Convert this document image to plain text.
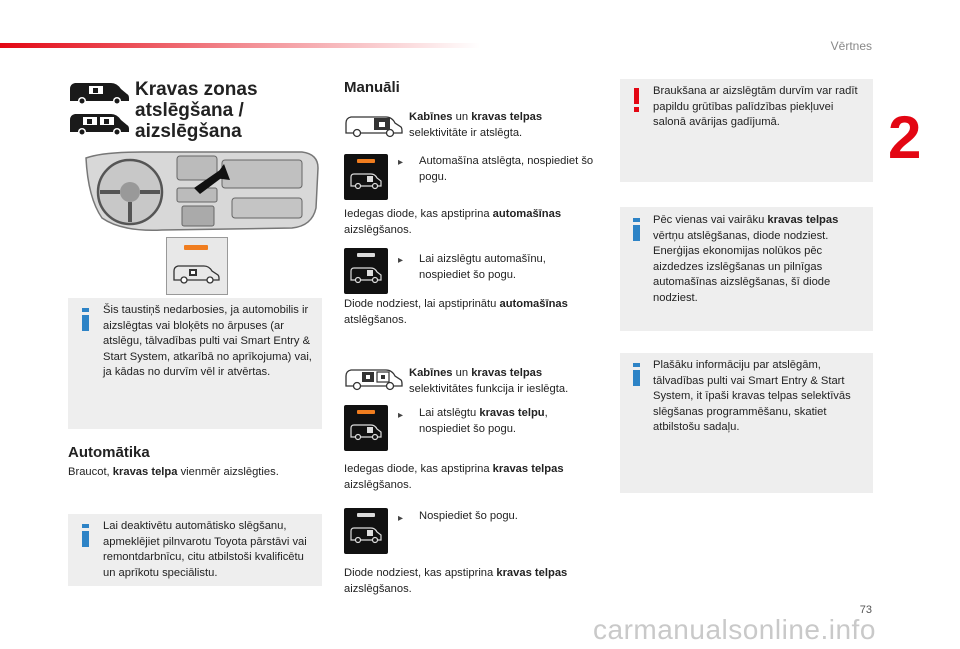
Vērtnes
2
Kravas zonas atslēgšana / aizslēgšana
Šis taustiņš nedarbosies, ja automobilis ir aizslēgtas vai bloķēts no ārpuses (ar atslēgu, tālvadības pulti vai Smart Entry & Start System, atkarībā no aprīkojuma) vai, ja kādas no durvīm vēl ir atvērtas.
Automātika
Braucot, kravas telpa vienmēr aizslēgties.
Lai deaktivētu automātisko slēgšanu, apmeklējiet pilnvarotu Toyota pārstāvi vai remontdarbnīcu, citu atbilstoši kvalificētu un aprīkotu speciālistu.
Manuāli
Kabīnes un kravas telpas
selektivitāte ir atslēgta.
▸ Automašīna atslēgta, nospiediet šo pogu.
Iedegas diode, kas apstiprina automašīnas
aizslēgšanos.
▸ Lai aizslēgtu automašīnu, nospiediet šo pogu.
Diode nodziest, lai apstiprinātu automašīnas
atslēgšanos.
Kabīnes un kravas telpas
selektivitātes funkcija ir ieslēgta.
▸ Lai atslēgtu kravas telpu,
nospiediet šo pogu.
Iedegas diode, kas apstiprina kravas telpas
aizslēgšanos.
▸ Nospiediet šo pogu.
Diode nodziest, kas apstiprina kravas telpas
aizslēgšanos.
Braukšana ar aizslēgtām durvīm var radīt papildu grūtības palīdzības piekļuvei salonā avārijas gadījumā.
Pēc vienas vai vairāku kravas telpas vērtņu atslēgšanas, diode nodziest. Enerģijas ekonomijas nolūkos pēc aizdedzes izslēgšanas un pilnīgas automašīnas aizslēgšanas, šī diode nodziest.
Plašāku informāciju par atslēgām, tālvadības pulti vai Smart Entry & Start System, it īpaši kravas telpas selektīvās slēgšanas programmēšanu, skatiet atbilstošu sadaļu.
73
carmanualsonline.info
